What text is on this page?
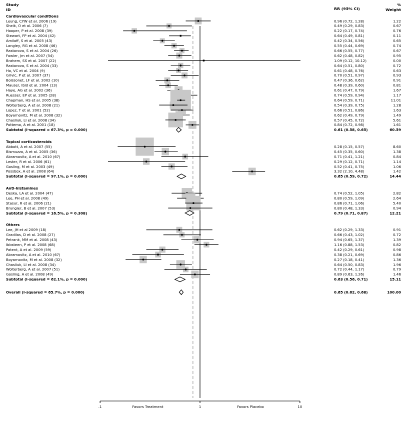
Study
ID	RR (95% CI)
%
Weight
Cardiovascular conditions
Leung, CYW et al. 2006 (19)	0.96 (0.72, 1.28)	1.22
Sheik, O et al. 2006 (7)	0.49 (0.29, 0.83)	0.67
Hooper, P et al. 2008 (39)	0.22 (0.17, 0.74)	0.76
Stewart, FP et al. 2004 (42)	0.64 (0.49, 0.81)	0.11
Amiloff, S et al. 2005 (43)	0.42 (0.34, 0.56)	0.65
Langley, RG et al. 2008 (46)	0.55 (0.44, 0.69)	0.74
Rastorova, S et al. 2004 (26)	0.66 (0.55, 0.77)	0.67
Fowler, Jm et al. 2007 (54)	0.62 (0.48, 0.82)	0.95
Brahem, SS et al. 2007 (22)	1.09 (0.12, 10.12)	0.00
Rastorova, S et al. 2004 (33)	0.64 (0.51, 0.80)	0.72
Ho, VC et al. 2004 (9)	0.61 (0.48, 0.76)	0.63
Grivic, P et al. 2007 (37)	0.70 (0.51, 0.97)	0.93
Boissonet, LF et al. 2002 (10)	0.47 (0.36, 0.62)	0.91
Mauser, Ibid et al. 2004 (13)	0.48 (0.39, 0.60)	0.81
Haye, AG et al. 2002 (36)	0.61 (0.47, 0.79)	1.67
Ruesser, EP et al. 2005 (28)	0.74 (0.59, 0.94)	1.17
Chapman, HS et al. 2005 (38)	0.64 (0.59, 0.71)	11.01
Wolterberg, A et al. 2008 (21)	0.54 (0.39, 0.75)	1.28
Lopez, T et al. 2001 (52)	0.66 (0.51, 0.86)	1.63
Boyarnovitz, M et al. 2008 (32)	0.62 (0.49, 0.79)	1.49
Chasliuk, LI et al. 2008 (34)	0.57 (0.45, 0.72)	5.61
Pottemo, A et al. 2001 (18)	0.84 (0.72, 0.98)	1.61
Subtotal (I-squared = 67.3%, p = 0.000)	0.61 (0.58, 0.65)	60.59
Topical corticosteroids
Abbott, A et al. 2007 (55)	0.28 (0.15, 0.57)	8.60
Bismuzzo, A et al. 2005 (36)	0.45 (0.35, 0.60)	1.38
Abramovitz, A et al. 2010 (67)	0.71 (0.41, 1.21)	0.84
Lester, R et al. 2006 (61)	0.29 (0.12, 0.71)	1.14
Gosling, M et al. 2003 (49)	0.52 (0.41, 0.75)	1.06
Possbox, A et al. 2008 (64)	3.32 (2.10, 4.48)	1.42
Subtotal (I-squared = 97.1%, p = 0.000)	0.65 (0.59, 0.72)	14.44
Anti-histamines
Deska, LA et al. 2004 (47)	0.74 (0.52, 1.05)	2.82
Lee, PH et al. 2008 (49)	0.80 (0.59, 1.09)	2.64
Stasur, R et al. 2006 (21)	0.86 (0.71, 1.06)	5.40
Brungier, B et al. 2007 (53)	0.80 (0.48, 1.33)	0.94
Subtotal (I-squared = 16.5%, p = 0.308)	0.79 (0.71, 0.87)	12.21
Others
Lee, JH et al 2009 (18)	0.62 (0.29, 1.33)	0.91
Gradilas, D et al. 2008 (27)	0.66 (0.43, 1.02)	0.72
Petrank, MM et al. 2008 (43)	0.94 (0.65, 1.37)	1.39
Ibbsteen, P et al. 2008 (68)	1.16 (0.88, 1.53)	0.82
Patent, A et al. 2009 (59)	0.42 (0.29, 0.61)	0.98
Abramovitz, A et al. 2010 (67)	0.38 (0.21, 0.69)	0.86
Boyarnovitz, M et al. 2008 (32)	0.27 (0.18, 0.41)	1.36
Chasliuk, LI et al. 2008 (34)	0.64 (0.50, 0.83)	1.96
Wolterberg, A et al. 2007 (51)	0.72 (0.44, 1.17)	0.79
Gosling, A et al. 2008 (49)	0.89 (0.63, 1.26)	1.46
Subtotal (I-squared = 62.1%, p = 0.000)	0.63 (0.56, 0.71)	15.11
Overall (I-squared = 65.7%, p = 0.000)	0.65 (0.62, 0.68)	100.00
.1	1	10
Favors Treatment	Favors Placebo
